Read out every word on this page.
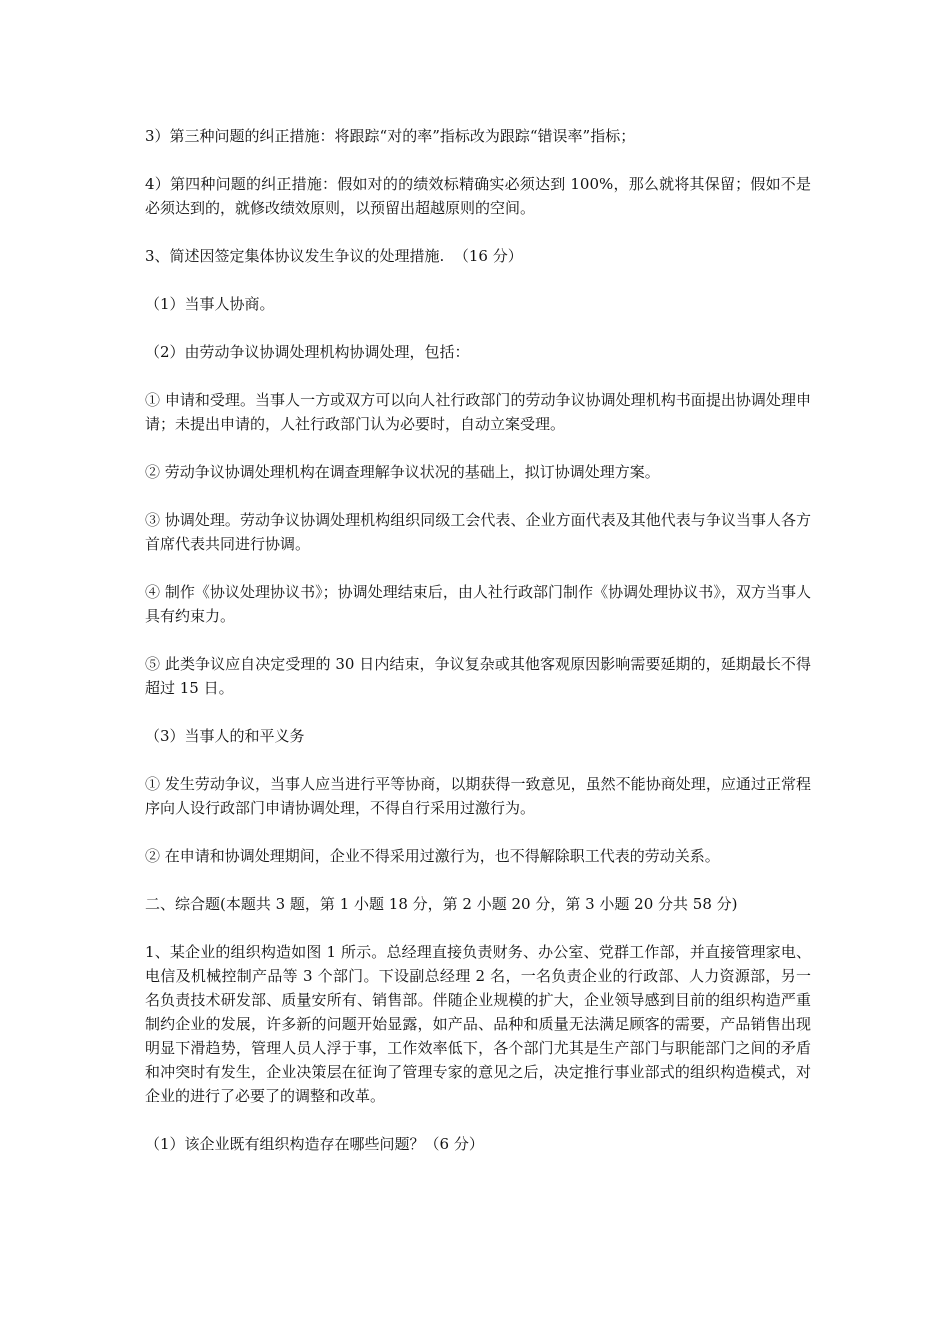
3）第三种问题的纠正措施：将跟踪“对的率”指标改为跟踪“错误率”指标；

4）第四种问题的纠正措施：假如对的的绩效标精确实必须达到 100%，那么就将其保留；假如不是必须达到的，就修改绩效原则，以预留出超越原则的空间。

3、简述因签定集体协议发生争议的处理措施.  （16 分）

（1）当事人协商。

（2）由劳动争议协调处理机构协调处理，包括：

① 申请和受理。当事人一方或双方可以向人社行政部门的劳动争议协调处理机构书面提出协调处理申请；未提出申请的，人社行政部门认为必要时，自动立案受理。

② 劳动争议协调处理机构在调查理解争议状况的基础上，拟订协调处理方案。

③ 协调处理。劳动争议协调处理机构组织同级工会代表、企业方面代表及其他代表与争议当事人各方首席代表共同进行协调。

④ 制作《协议处理协议书》；协调处理结束后，由人社行政部门制作《协调处理协议书》，双方当事人具有约束力。

⑤ 此类争议应自决定受理的 30 日内结束，争议复杂或其他客观原因影响需要延期的，延期最长不得超过 15 日。

（3）当事人的和平义务

① 发生劳动争议，当事人应当进行平等协商，以期获得一致意见，虽然不能协商处理，应通过正常程序向人设行政部门申请协调处理，不得自行采用过激行为。

② 在申请和协调处理期间，企业不得采用过激行为，也不得解除职工代表的劳动关系。

二、综合题(本题共 3 题，第 1 小题 18 分，第 2 小题 20 分，第 3 小题 20 分共 58 分)

1、某企业的组织构造如图 1 所示。总经理直接负责财务、办公室、党群工作部，并直接管理家电、电信及机械控制产品等 3 个部门。下设副总经理 2 名，一名负责企业的行政部、人力资源部，另一名负责技术研发部、质量安所有、销售部。伴随企业规模的扩大，企业领导感到目前的组织构造严重制约企业的发展，许多新的问题开始显露，如产品、品种和质量无法满足顾客的需要，产品销售出现明显下滑趋势，管理人员人浮于事，工作效率低下，各个部门尤其是生产部门与职能部门之间的矛盾和冲突时有发生，企业决策层在征询了管理专家的意见之后，决定推行事业部式的组织构造模式，对企业的进行了必要了的调整和改革。

（1）该企业既有组织构造存在哪些问题？（6 分）
